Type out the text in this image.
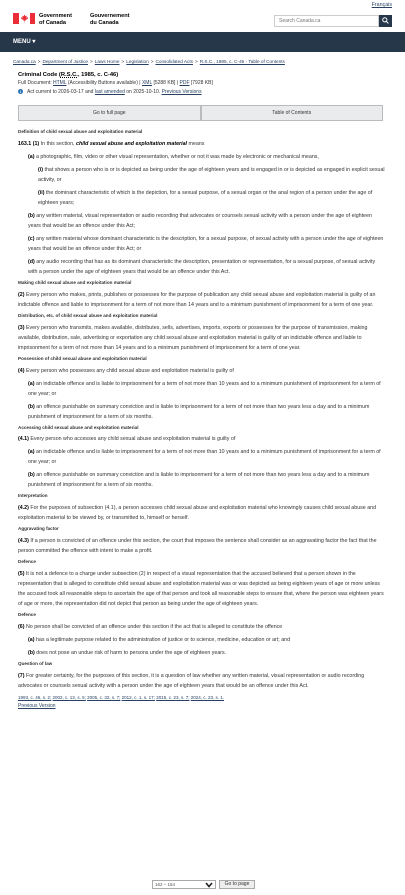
Government
of Canada
Gouvernement
du Canada
Français
Search Canada.ca
MENU ▾
Canada.ca > Department of Justice > Laws Home > Legislation > Consolidated Acts > R.S.C., 1985, c. C-46 - Table of Contents
Criminal Code (R.S.C., 1985, c. C-46)
Full Document: HTML (Accessibility Buttons available) | XML [5288 KB] | PDF [7928 KB]
i Act current to 2026-03-17 and last amended on 2025-10-10. Previous Versions
Go to full page	Table of Contents
Definition of child sexual abuse and exploitation material
163.1 (1) In this section, child sexual abuse and exploitation material means
(a) a photographic, film, video or other visual representation, whether or not it was made by electronic or mechanical means,
(i) that shows a person who is or is depicted as being under the age of eighteen years and is engaged in or is depicted as engaged in explicit sexual activity, or
(ii) the dominant characteristic of which is the depiction, for a sexual purpose, of a sexual organ or the anal region of a person under the age of eighteen years;
(b) any written material, visual representation or audio recording that advocates or counsels sexual activity with a person under the age of eighteen years that would be an offence under this Act;
(c) any written material whose dominant characteristic is the description, for a sexual purpose, of sexual activity with a person under the age of eighteen years that would be an offence under this Act; or
(d) any audio recording that has as its dominant characteristic the description, presentation or representation, for a sexual purpose, of sexual activity with a person under the age of eighteen years that would be an offence under this Act.
Making child sexual abuse and exploitation material
(2) Every person who makes, prints, publishes or possesses for the purpose of publication any child sexual abuse and exploitation material is guilty of an indictable offence and liable to imprisonment for a term of not more than 14 years and to a minimum punishment of imprisonment for a term of one year.
Distribution, etc. of child sexual abuse and exploitation material
(3) Every person who transmits, makes available, distributes, sells, advertises, imports, exports or possesses for the purpose of transmission, making available, distribution, sale, advertising or exportation any child sexual abuse and exploitation material is guilty of an indictable offence and liable to imprisonment for a term of not more than 14 years and to a minimum punishment of imprisonment for a term of one year.
Possession of child sexual abuse and exploitation material
(4) Every person who possesses any child sexual abuse and exploitation material is guilty of
(a) an indictable offence and is liable to imprisonment for a term of not more than 10 years and to a minimum punishment of imprisonment for a term of one year; or
(b) an offence punishable on summary conviction and is liable to imprisonment for a term of not more than two years less a day and to a minimum punishment of imprisonment for a term of six months.
Accessing child sexual abuse and exploitation material
(4.1) Every person who accesses any child sexual abuse and exploitation material is guilty of
(a) an indictable offence and is liable to imprisonment for a term of not more than 10 years and to a minimum punishment of imprisonment for a term of one year; or
(b) an offence punishable on summary conviction and is liable to imprisonment for a term of not more than two years less a day and to a minimum punishment of imprisonment for a term of six months.
Interpretation
(4.2) For the purposes of subsection (4.1), a person accesses child sexual abuse and exploitation material who knowingly causes child sexual abuse and exploitation material to be viewed by, or transmitted to, himself or herself.
Aggravating factor
(4.3) If a person is convicted of an offence under this section, the court that imposes the sentence shall consider as an aggravating factor the fact that the person committed the offence with intent to make a profit.
Defence
(5) It is not a defence to a charge under subsection (2) in respect of a visual representation that the accused believed that a person shown in the representation that is alleged to constitute child sexual abuse and exploitation material was or was depicted as being eighteen years of age or more unless the accused took all reasonable steps to ascertain the age of that person and took all reasonable steps to ensure that, where the person was eighteen years of age or more, the representation did not depict that person as being under the age of eighteen years.
Defence
(6) No person shall be convicted of an offence under this section if the act that is alleged to constitute the offence
(a) has a legitimate purpose related to the administration of justice or to science, medicine, education or art; and
(b) does not pose an undue risk of harm to persons under the age of eighteen years.
Question of law
(7) For greater certainty, for the purposes of this section, it is a question of law whether any written material, visual representation or audio recording advocates or counsels sexual activity with a person under the age of eighteen years that would be an offence under this Act.
1993, c. 46, s. 2; 2002, c. 13, s. 5; 2005, c. 32, s. 7; 2012, c. 1, s. 17; 2015, c. 23, s. 7; 2024, c. 23, s. 1.
Previous Version
162 – 164	Go to page
